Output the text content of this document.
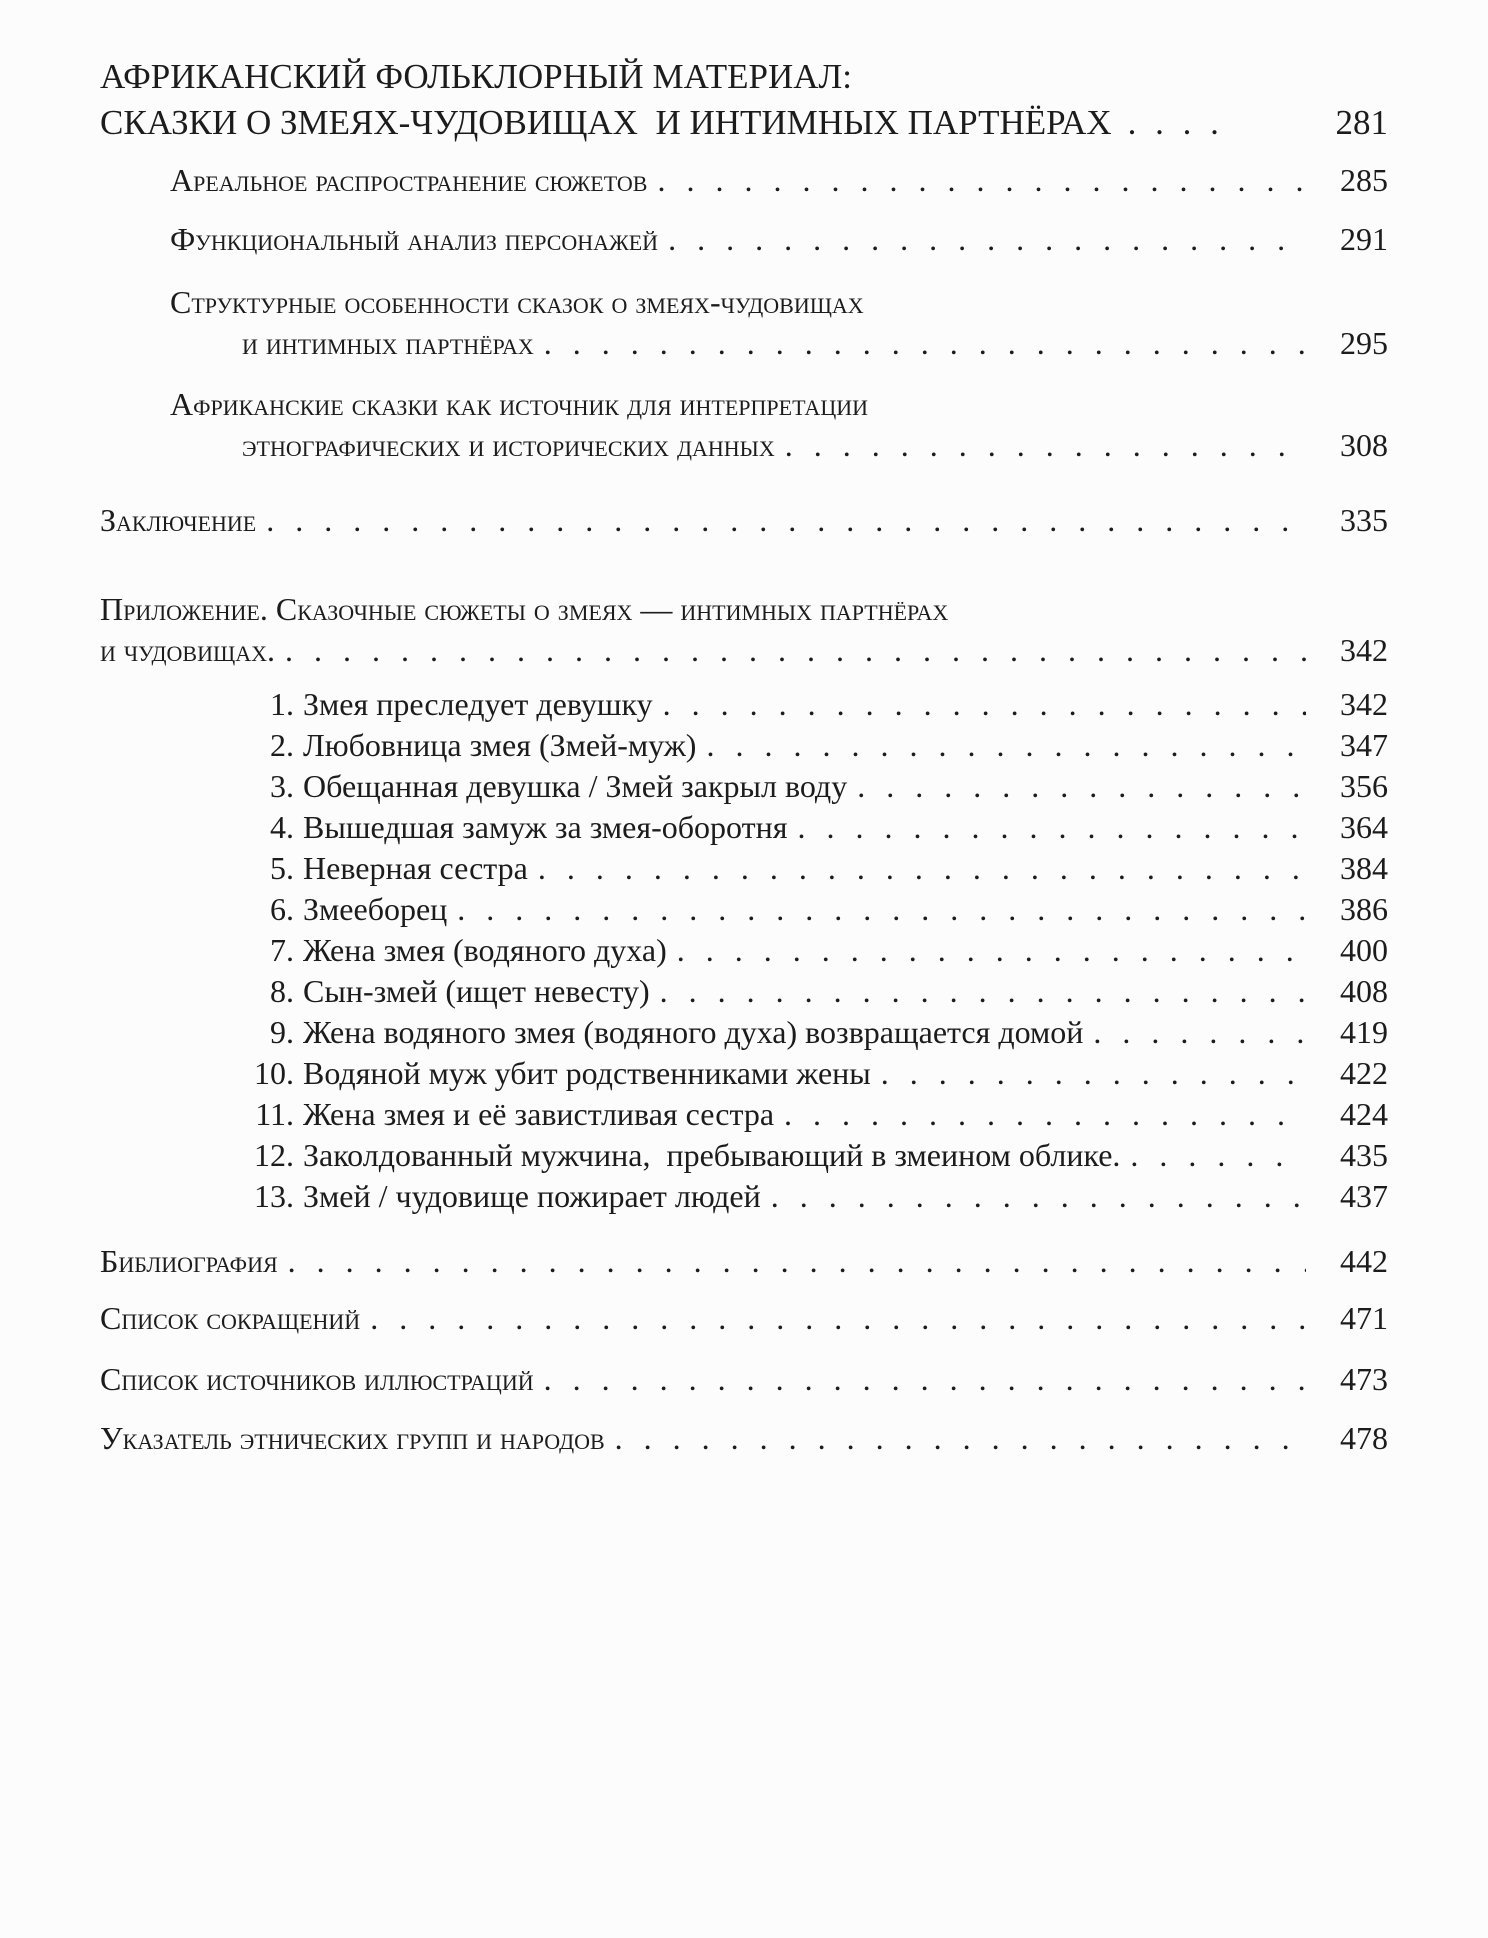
АФРИКАНСКИЙ ФОЛЬКЛОРНЫЙ МАТЕРИАЛ:
СКАЗКИ О ЗМЕЯХ-ЧУДОВИЩАХ  И ИНТИМНЫХ ПАРТНЁРАХ . . . .	281
Ареальное распространение сюжетов .....	285
Функциональный анализ персонажей .....	291
Структурные особенности сказок о змеях-чудовищах
и интимных партнёрах .....	295
Африканские сказки как источник для интерпретации
этнографических и исторических данных .....	308
Заключение .....	335
Приложение. Сказочные сюжеты о змеях — интимных партнёрах
и чудовищах. .....	342
1. Змея преследует девушку .....	342
2. Любовница змея (Змей-муж) .....	347
3. Обещанная девушка / Змей закрыл воду .....	356
4. Вышедшая замуж за змея-оборотня .....	364
5. Неверная сестра .....	384
6. Змееборец .....	386
7. Жена змея (водяного духа) .....	400
8. Сын-змей (ищет невесту) .....	408
9. Жена водяного змея (водяного духа) возвращается домой .....	419
10. Водяной муж убит родственниками жены .....	422
11. Жена змея и её завистливая сестра .....	424
12. Заколдованный мужчина,  пребывающий в змеином облике. .....	435
13. Змей / чудовище пожирает людей .....	437
Библиография .....	442
Список сокращений .....	471
Список источников иллюстраций .....	473
Указатель этнических групп и народов .....	478
